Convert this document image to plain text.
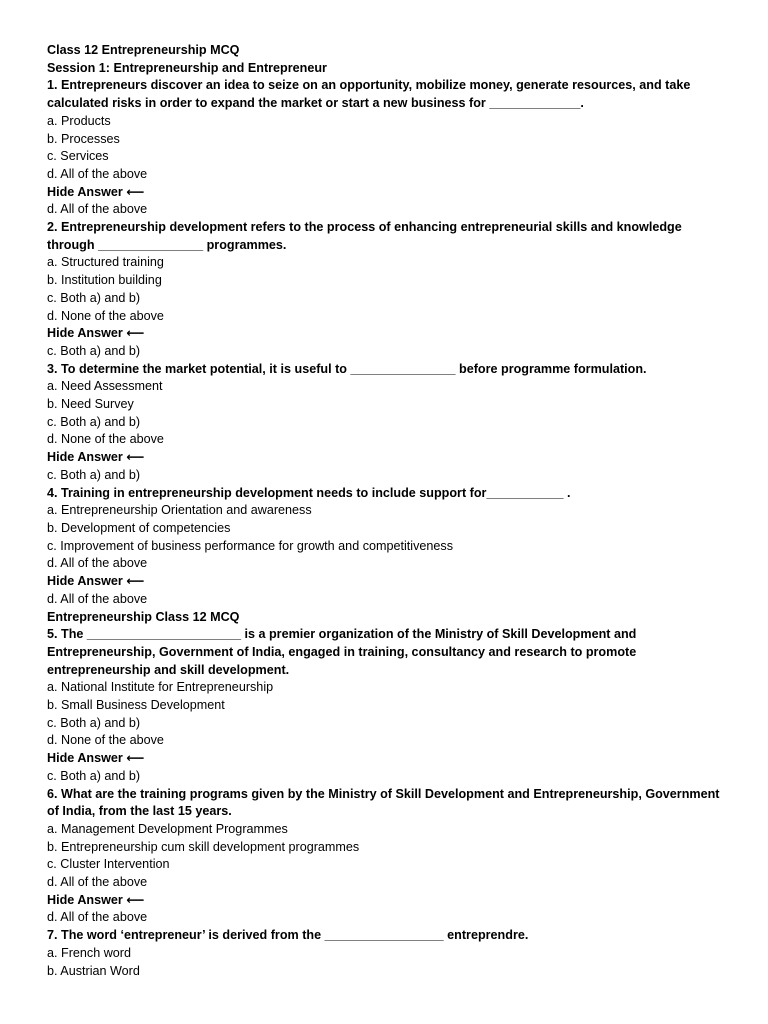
Class 12 Entrepreneurship MCQ

Session 1: Entrepreneurship and Entrepreneur

1. Entrepreneurs discover an idea to seize on an opportunity, mobilize money, generate resources, and take calculated risks in order to expand the market or start a new business for _____________.

a. Products

b. Processes

c. Services

d. All of the above

Hide Answer ⟵

d. All of the above

2. Entrepreneurship development refers to the process of enhancing entrepreneurial skills and knowledge through _______________ programmes.

a. Structured training

b. Institution building

c. Both a) and b)

d. None of the above

Hide Answer ⟵

c. Both a) and b)

3. To determine the market potential, it is useful to _______________ before programme formulation.

a. Need Assessment

b. Need Survey

c. Both a) and b)

d. None of the above

Hide Answer ⟵

c. Both a) and b)

4. Training in entrepreneurship development needs to include support for___________ .

a. Entrepreneurship Orientation and awareness

b. Development of competencies

c. Improvement of business performance for growth and competitiveness

d. All of the above

Hide Answer ⟵

d. All of the above

Entrepreneurship Class 12 MCQ

5. The ______________________ is a premier organization of the Ministry of Skill Development and Entrepreneurship, Government of India, engaged in training, consultancy and research to promote entrepreneurship and skill development.

a. National Institute for Entrepreneurship

b. Small Business Development

c. Both a) and b)

d. None of the above

Hide Answer ⟵

c. Both a) and b)

6. What are the training programs given by the Ministry of Skill Development and Entrepreneurship, Government of India, from the last 15 years.

a. Management Development Programmes

b. Entrepreneurship cum skill development programmes

c. Cluster Intervention

d. All of the above

Hide Answer ⟵

d. All of the above

7. The word ‘entrepreneur’ is derived from the _________________ entreprendre.

a. French word

b. Austrian Word
